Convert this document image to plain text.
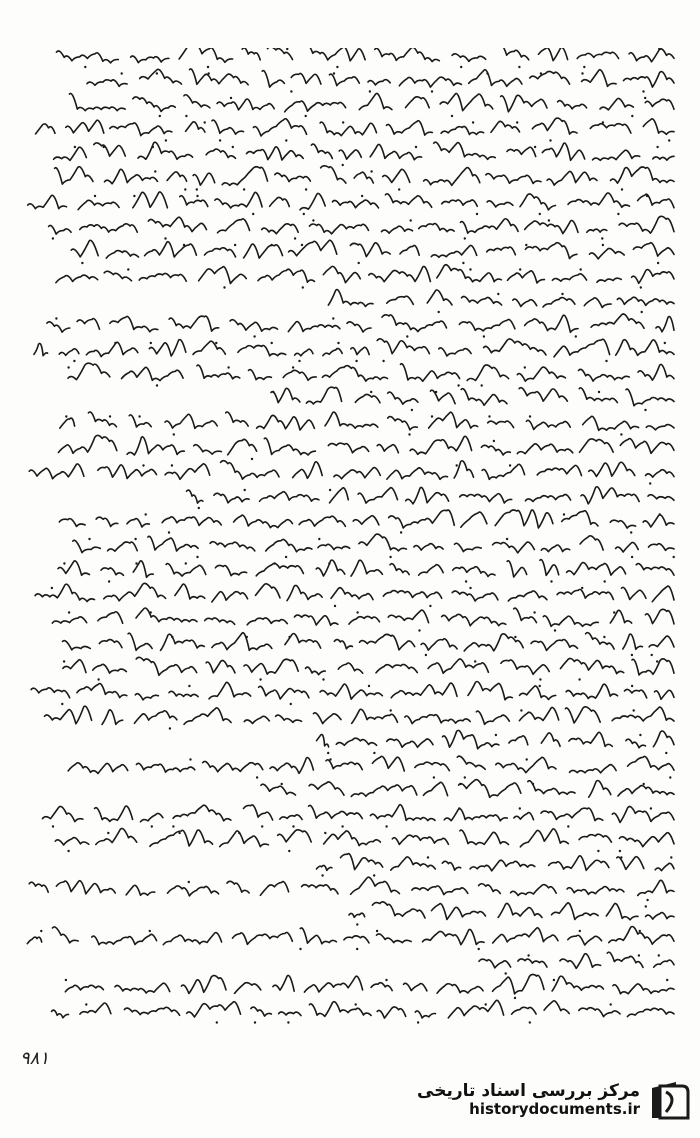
۹۸۱
مرکز بررسی اسناد تاریخی
historydocuments.ir
